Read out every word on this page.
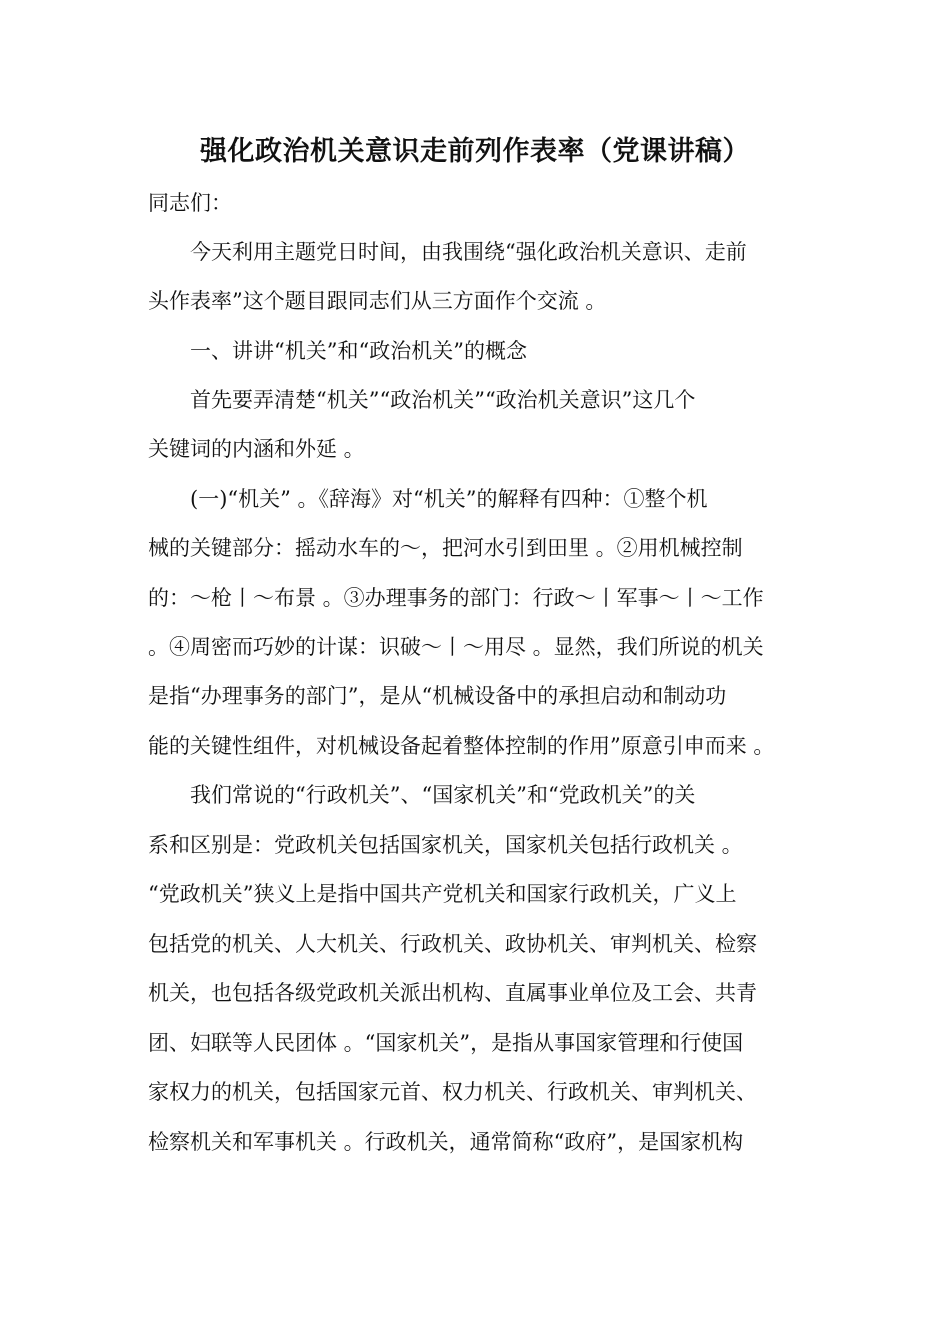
强化政治机关意识走前列作表率（党课讲稿）

同志们：

今天利用主题党日时间，由我围绕“强化政治机关意识、走前

头作表率”这个题目跟同志们从三方面作个交流 。

一、讲讲“机关”和“政治机关”的概念

首先要弄清楚“机关”“政治机关”“政治机关意识”这几个

关键词的内涵和外延 。

(一)“机关” 。《辞海》对“机关”的解释有四种：①整个机

械的关键部分：摇动水车的～，把河水引到田里 。②用机械控制

的：～枪丨～布景 。③办理事务的部门：行政～丨军事～丨～工作

。④周密而巧妙的计谋：识破～丨～用尽 。显然，我们所说的机关

是指“办理事务的部门”，是从“机械设备中的承担启动和制动功

能的关键性组件，对机械设备起着整体控制的作用”原意引申而来 。

我们常说的“行政机关”、“国家机关”和“党政机关”的关

系和区别是：党政机关包括国家机关，国家机关包括行政机关 。

“党政机关”狭义上是指中国共产党机关和国家行政机关，广义上

包括党的机关、人大机关、行政机关、政协机关、审判机关、检察

机关，也包括各级党政机关派出机构、直属事业单位及工会、共青

团、妇联等人民团体 。“国家机关”，是指从事国家管理和行使国

家权力的机关，包括国家元首、权力机关、行政机关、审判机关、

检察机关和军事机关 。行政机关，通常简称“政府”，是国家机构
